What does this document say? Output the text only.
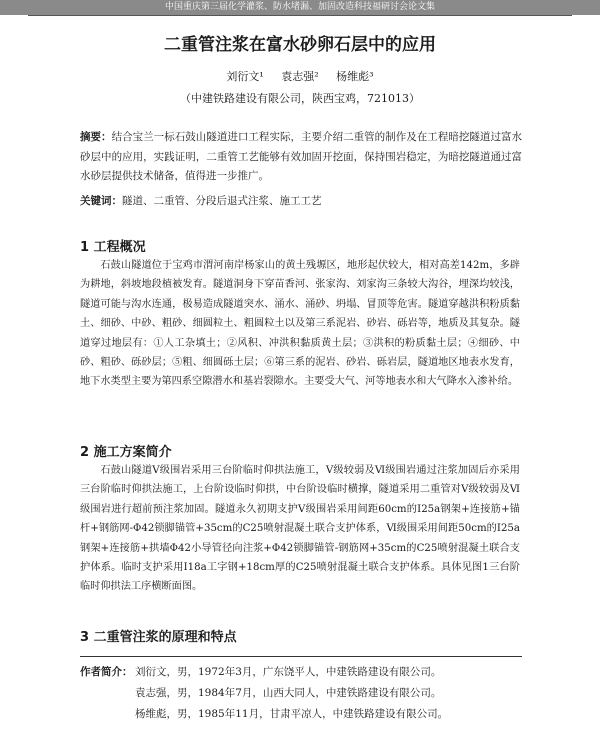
中国重庆第三届化学灌浆、防水堵漏、加固改造科技福研讨会论文集
二重管注浆在富水砂卵石层中的应用
刘衍文¹ 袁志强² 杨维彪³
（中建铁路建设有限公司，陕西宝鸡，721013）
摘要：结合宝兰一标石鼓山隧道进口工程实际，主要介绍二重管的制作及在工程暗挖隧道过富水砂层中的应用，实践证明，二重管工艺能够有效加固开挖面，保持围岩稳定，为暗挖隧道通过富水砂层提供技术储备，值得进一步推广。
关键词：隧道、二重管、分段后退式注浆、施工工艺
1 工程概况
石鼓山隧道位于宝鸡市渭河南岸杨家山的黄土残塬区，地形起伏较大，相对高差142m，多辟为耕地，斜坡地段植被发育。隧道洞身下穿苗香河、张家沟、刘家沟三条较大沟谷，埋深均较浅，隧道可能与沟水连通，极易造成隧道突水、涌水、涌砂、坍塌、冒顶等危害。隧道穿越洪积粉质黏土、细砂、中砂、粗砂、细圆粒土、粗圆粒土以及第三系泥岩、砂岩、砾岩等，地质及其复杂。隧道穿过地层有：①人工杂填土；②风积、冲洪积黏质黄土层；③洪积的粉质黏土层；④细砂、中砂、粗砂、砾砂层；⑤粗、细圆砾土层；⑥第三系的泥岩、砂岩、砾岩层，隧道地区地表水发育，地下水类型主要为第四系空隙潜水和基岩裂隙水。主要受大气、河等地表水和大气降水入渗补给。
2 施工方案简介
石鼓山隧道Ⅴ级围岩采用三台阶临时仰拱法施工，Ⅴ级较弱及Ⅵ级围岩通过注浆加固后亦采用三台阶临时仰拱法施工，上台阶设临时仰拱，中台阶设临时横撑，隧道采用二重管对Ⅴ级较弱及Ⅵ级围岩进行超前预注浆加固。隧道永久初期支护Ⅴ级围岩采用间距60cm的I25a钢架+连接筋+锚杆+钢筋网-Φ42锁脚锚管+35cm的C25喷射混凝土联合支护体系，Ⅵ级围采用间距50cm的I25a钢架+连接筋+拱墙Φ42小导管径向注浆+Φ42锁脚锚管-钢筋网+35cm的C25喷射混凝土联合支护体系。临时支护采用I18a工字钢+18cm厚的C25喷射混凝土联合支护体系。具体见图1三台阶临时仰拱法工序横断面图。
3 二重管注浆的原理和特点
作者简介： 刘衍文，男，1972年3月，广东饶平人，中建铁路建设有限公司。
袁志强，男，1984年7月，山西大同人，中建铁路建设有限公司。
杨维彪，男，1985年11月，甘肃平凉人，中建铁路建设有限公司。
